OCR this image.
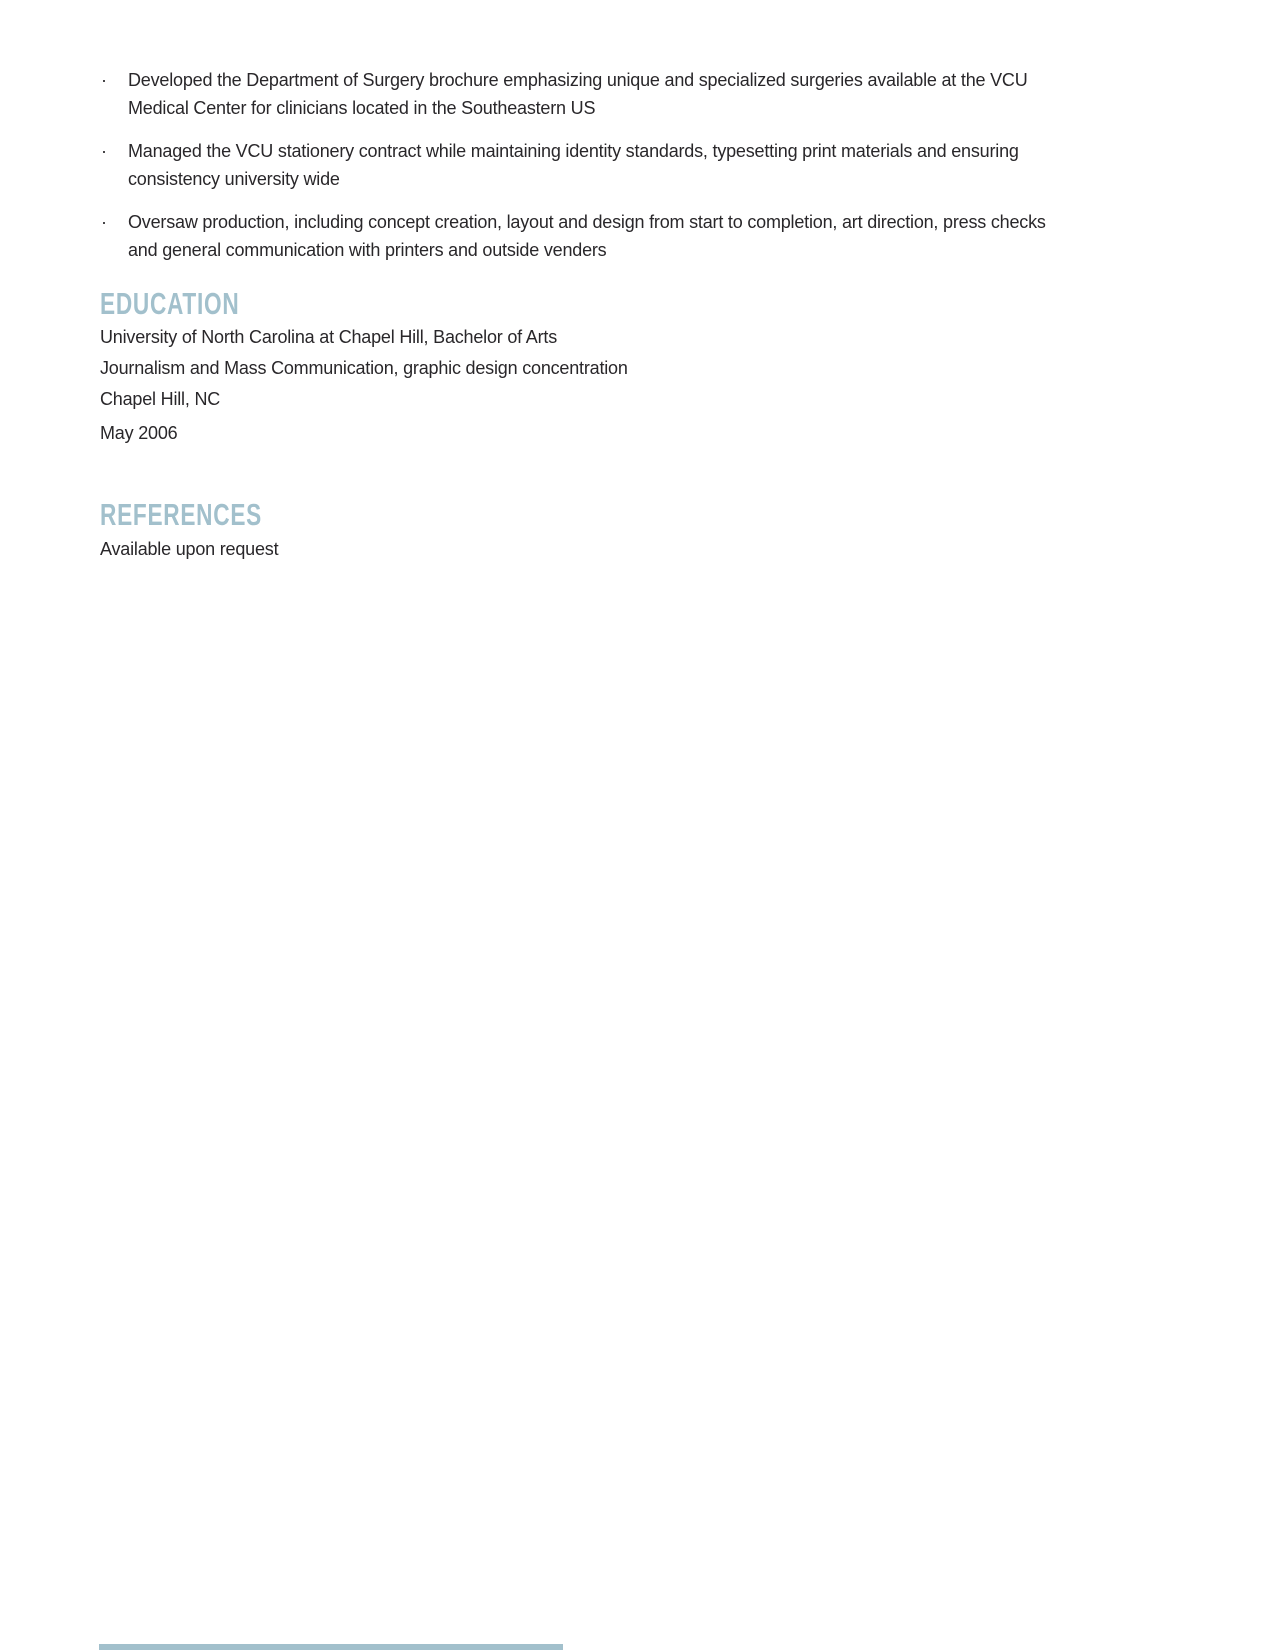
· Developed the Department of Surgery brochure emphasizing unique and specialized surgeries available at the VCU
Medical Center for clinicians located in the Southeastern US
· Managed the VCU stationery contract while maintaining identity standards, typesetting print materials and ensuring
consistency university wide
· Oversaw production, including concept creation, layout and design from start to completion, art direction, press checks
and general communication with printers and outside venders
EDUCATION
University of North Carolina at Chapel Hill, Bachelor of Arts
Journalism and Mass Communication, graphic design concentration
Chapel Hill, NC
May 2006
REFERENCES
Available upon request
